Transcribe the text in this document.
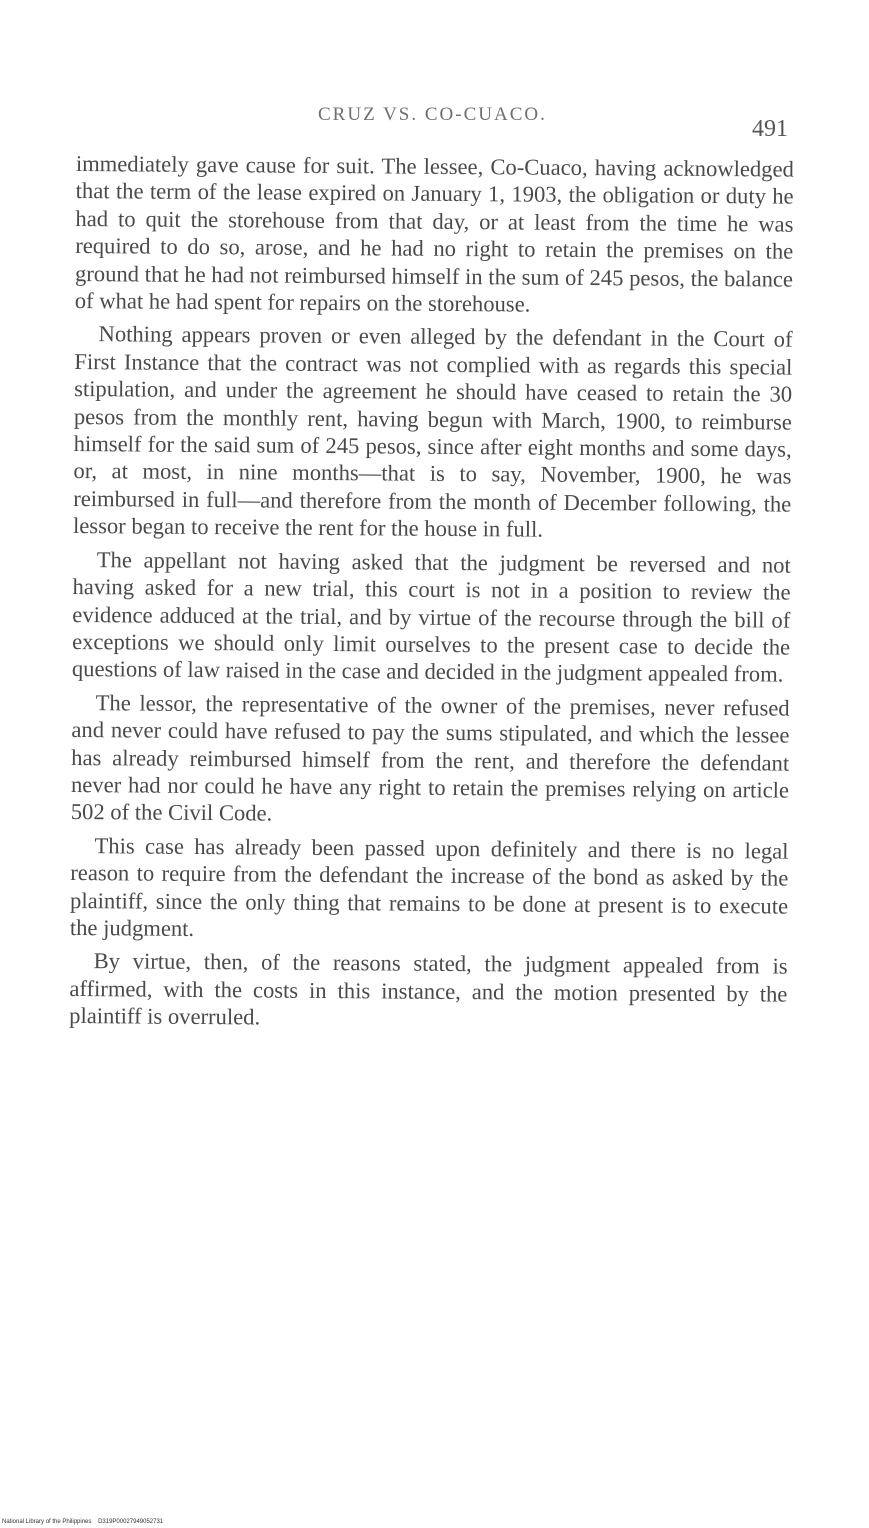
CRUZ VS. CO-CUACO.
491

immediately gave cause for suit. The lessee, Co-Cuaco, having acknowledged that the term of the lease expired on January 1, 1903, the obligation or duty he had to quit the storehouse from that day, or at least from the time he was required to do so, arose, and he had no right to retain the premises on the ground that he had not reimbursed himself in the sum of 245 pesos, the balance of what he had spent for repairs on the storehouse.

Nothing appears proven or even alleged by the defendant in the Court of First Instance that the contract was not complied with as regards this special stipulation, and under the agreement he should have ceased to retain the 30 pesos from the monthly rent, having begun with March, 1900, to reimburse himself for the said sum of 245 pesos, since after eight months and some days, or, at most, in nine months—that is to say, November, 1900, he was reimbursed in full—and therefore from the month of December following, the lessor began to receive the rent for the house in full.

The appellant not having asked that the judgment be reversed and not having asked for a new trial, this court is not in a position to review the evidence adduced at the trial, and by virtue of the recourse through the bill of exceptions we should only limit ourselves to the present case to decide the questions of law raised in the case and decided in the judgment appealed from.

The lessor, the representative of the owner of the premises, never refused and never could have refused to pay the sums stipulated, and which the lessee has already reimbursed himself from the rent, and therefore the defendant never had nor could he have any right to retain the premises relying on article 502 of the Civil Code.

This case has already been passed upon definitely and there is no legal reason to require from the defendant the increase of the bond as asked by the plaintiff, since the only thing that remains to be done at present is to execute the judgment.

By virtue, then, of the reasons stated, the judgment appealed from is affirmed, with the costs in this instance, and the motion presented by the plaintiff is overruled.

National Library of the Philippines D319P00027949052731
